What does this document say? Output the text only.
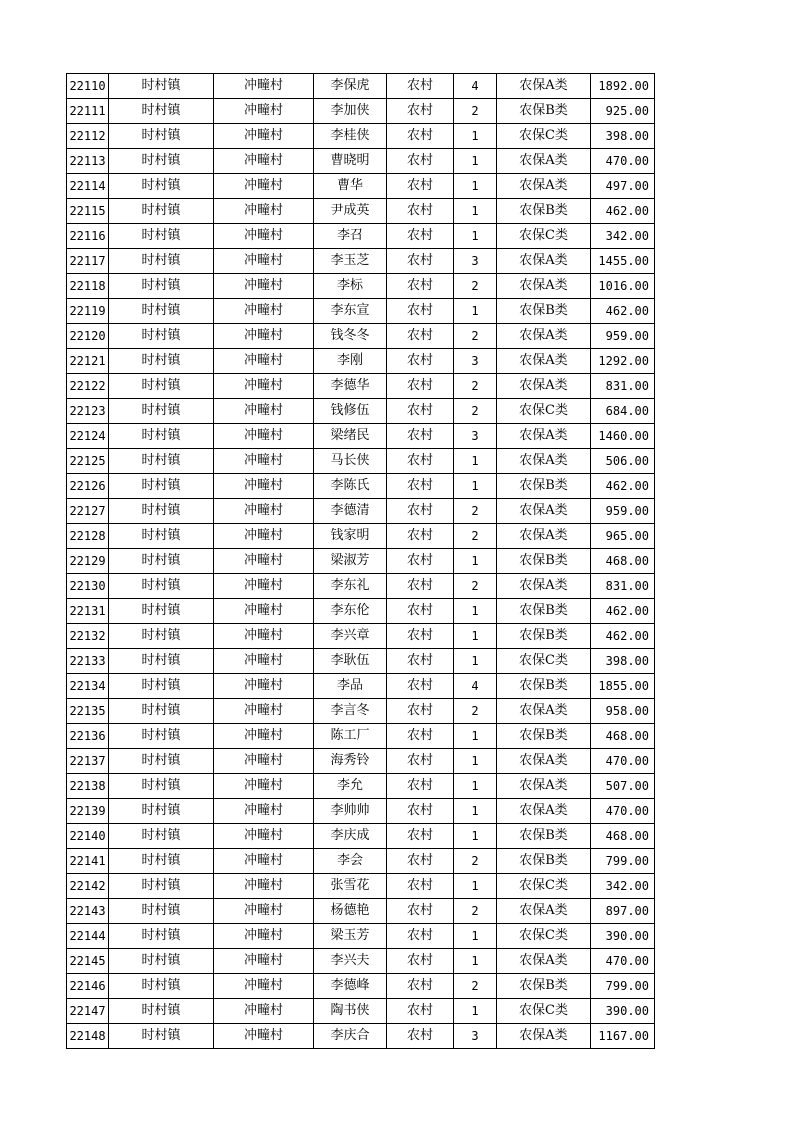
22110	时村镇	冲疃村	李保虎	农村	4	农保A类	1892.00
22111	时村镇	冲疃村	李加侠	农村	2	农保B类	925.00
22112	时村镇	冲疃村	李桂侠	农村	1	农保C类	398.00
22113	时村镇	冲疃村	曹晓明	农村	1	农保A类	470.00
22114	时村镇	冲疃村	曹华	农村	1	农保A类	497.00
22115	时村镇	冲疃村	尹成英	农村	1	农保B类	462.00
22116	时村镇	冲疃村	李召	农村	1	农保C类	342.00
22117	时村镇	冲疃村	李玉芝	农村	3	农保A类	1455.00
22118	时村镇	冲疃村	李标	农村	2	农保A类	1016.00
22119	时村镇	冲疃村	李东宣	农村	1	农保B类	462.00
22120	时村镇	冲疃村	钱冬冬	农村	2	农保A类	959.00
22121	时村镇	冲疃村	李刚	农村	3	农保A类	1292.00
22122	时村镇	冲疃村	李德华	农村	2	农保A类	831.00
22123	时村镇	冲疃村	钱修伍	农村	2	农保C类	684.00
22124	时村镇	冲疃村	梁绪民	农村	3	农保A类	1460.00
22125	时村镇	冲疃村	马长侠	农村	1	农保A类	506.00
22126	时村镇	冲疃村	李陈氏	农村	1	农保B类	462.00
22127	时村镇	冲疃村	李德清	农村	2	农保A类	959.00
22128	时村镇	冲疃村	钱家明	农村	2	农保A类	965.00
22129	时村镇	冲疃村	梁淑芳	农村	1	农保B类	468.00
22130	时村镇	冲疃村	李东礼	农村	2	农保A类	831.00
22131	时村镇	冲疃村	李东伦	农村	1	农保B类	462.00
22132	时村镇	冲疃村	李兴章	农村	1	农保B类	462.00
22133	时村镇	冲疃村	李耿伍	农村	1	农保C类	398.00
22134	时村镇	冲疃村	李品	农村	4	农保B类	1855.00
22135	时村镇	冲疃村	李言冬	农村	2	农保A类	958.00
22136	时村镇	冲疃村	陈工厂	农村	1	农保B类	468.00
22137	时村镇	冲疃村	海秀铃	农村	1	农保A类	470.00
22138	时村镇	冲疃村	李允	农村	1	农保A类	507.00
22139	时村镇	冲疃村	李帅帅	农村	1	农保A类	470.00
22140	时村镇	冲疃村	李庆成	农村	1	农保B类	468.00
22141	时村镇	冲疃村	李会	农村	2	农保B类	799.00
22142	时村镇	冲疃村	张雪花	农村	1	农保C类	342.00
22143	时村镇	冲疃村	杨德艳	农村	2	农保A类	897.00
22144	时村镇	冲疃村	梁玉芳	农村	1	农保C类	390.00
22145	时村镇	冲疃村	李兴夫	农村	1	农保A类	470.00
22146	时村镇	冲疃村	李德峰	农村	2	农保B类	799.00
22147	时村镇	冲疃村	陶书侠	农村	1	农保C类	390.00
22148	时村镇	冲疃村	李庆合	农村	3	农保A类	1167.00
